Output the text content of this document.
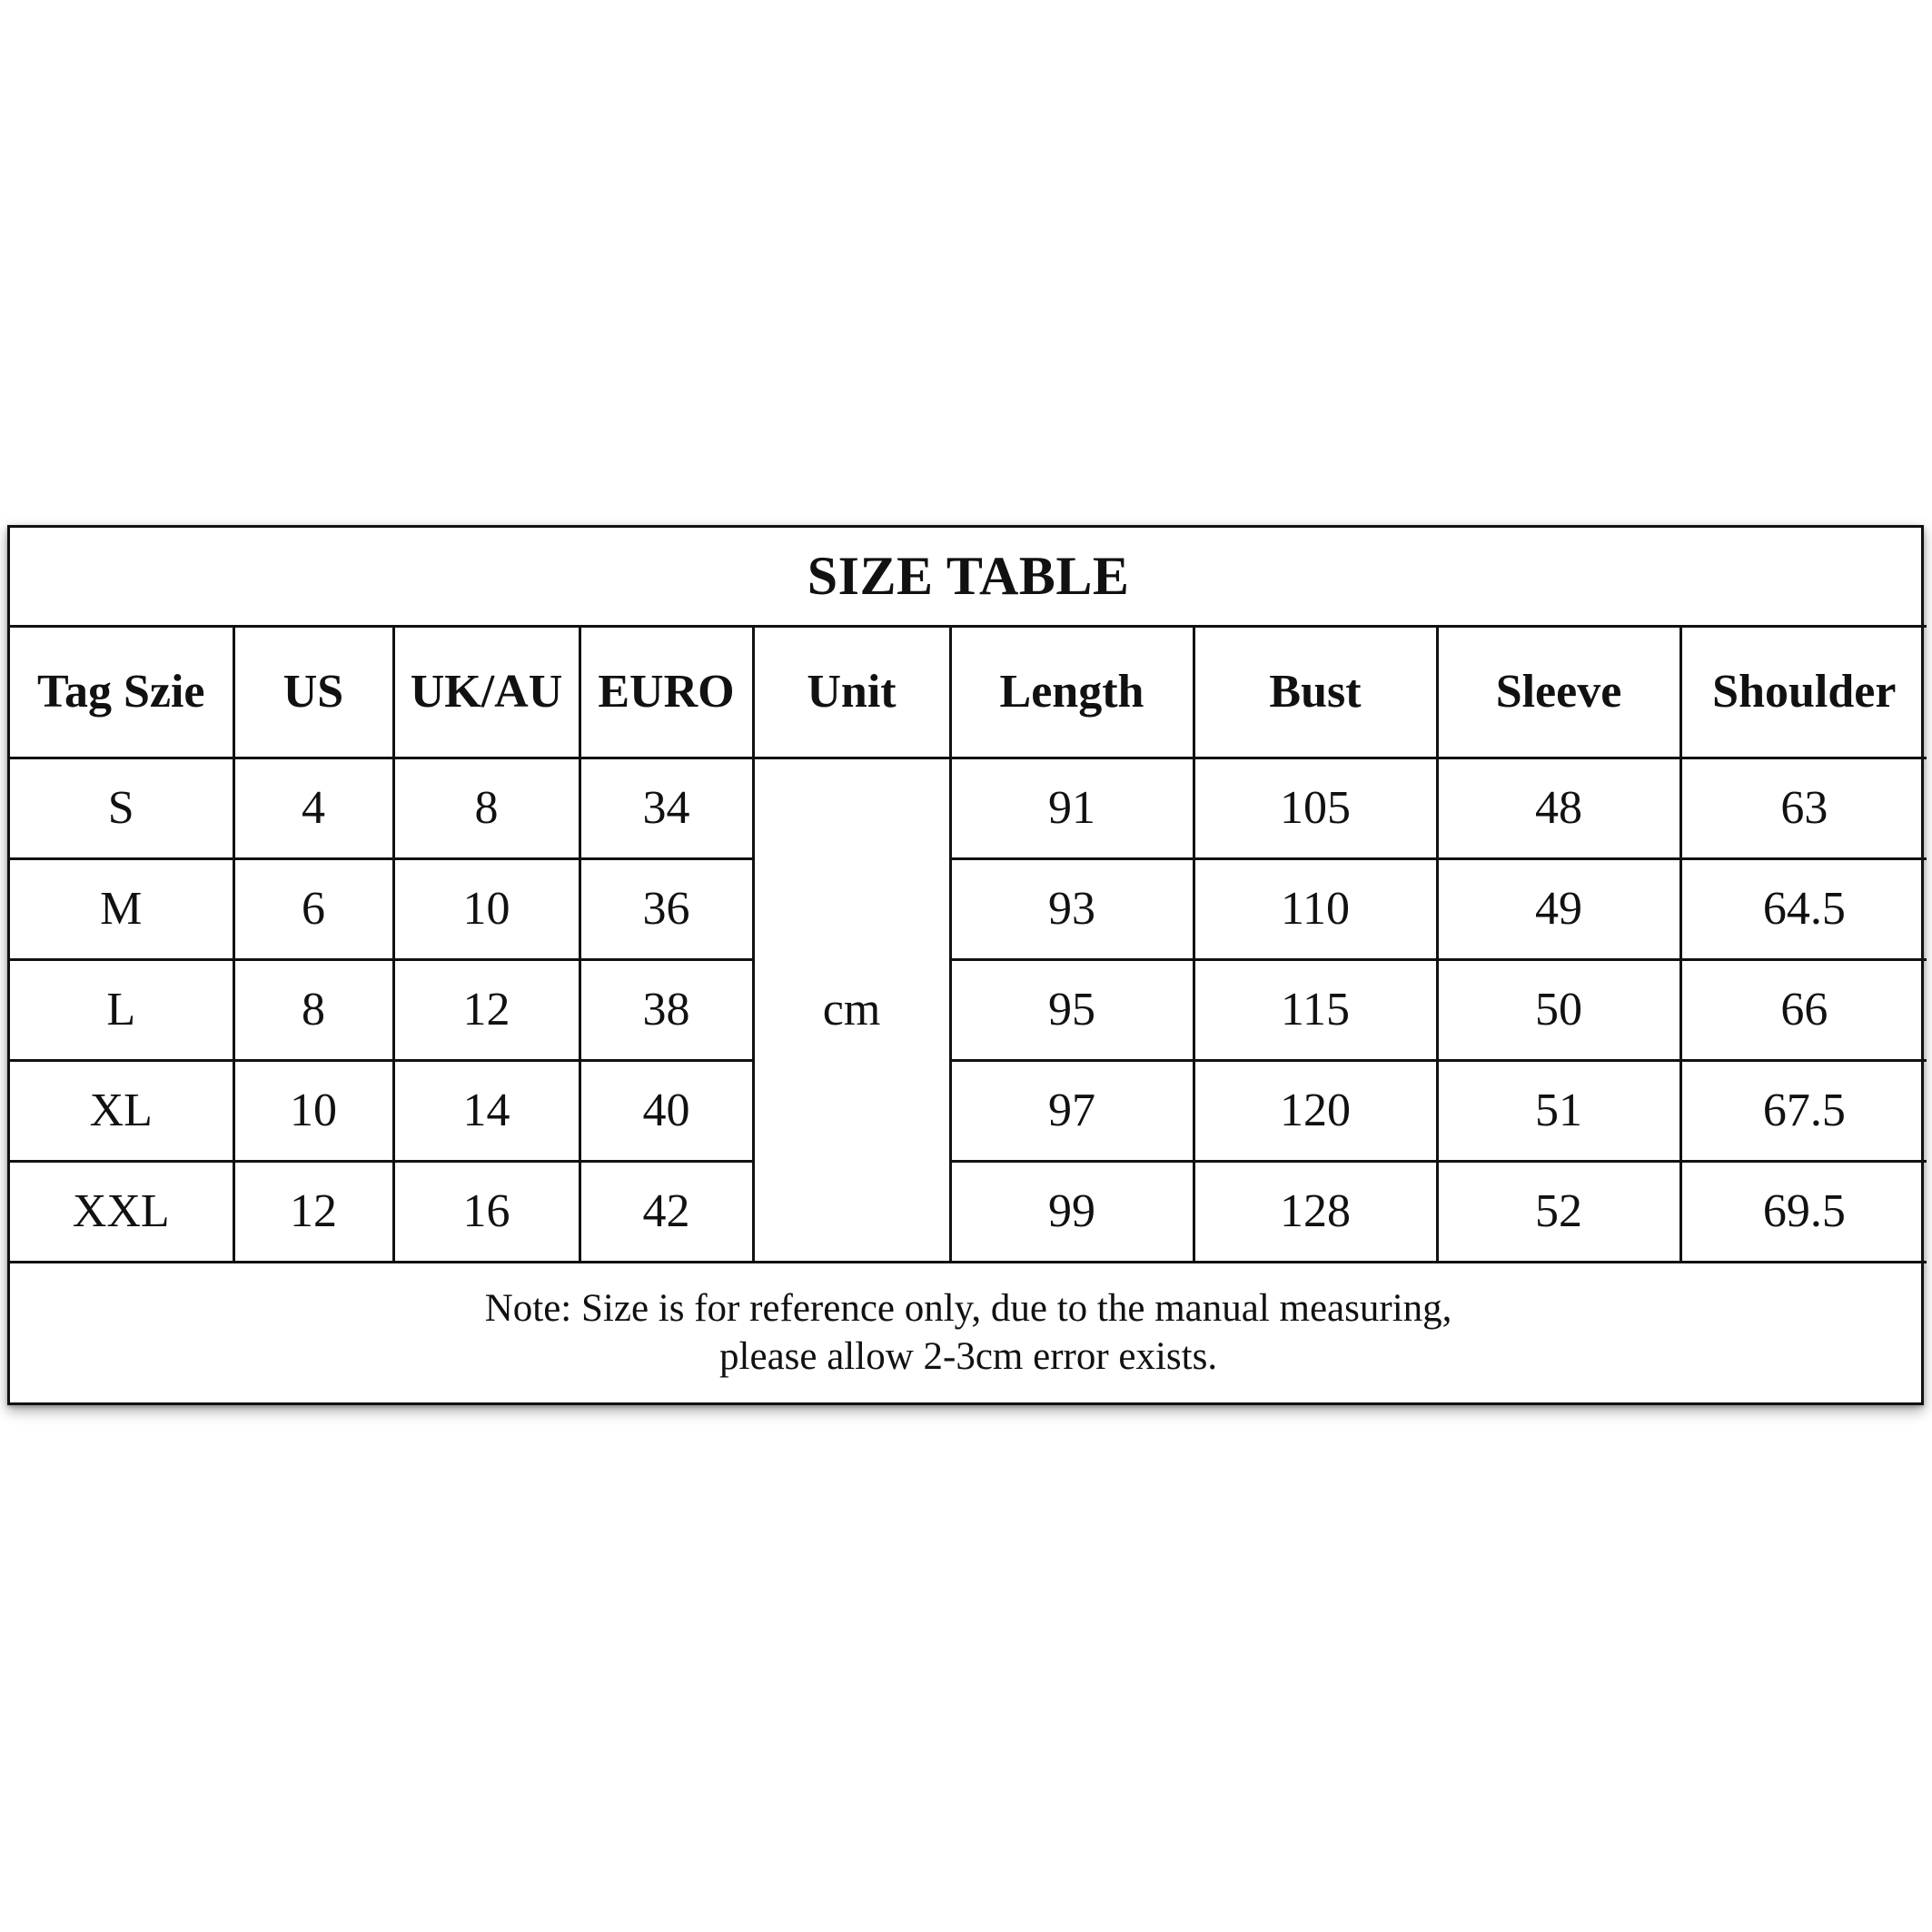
SIZE TABLE								
Tag Szie	US	UK/AU	EURO	Unit	Length	Bust	Sleeve	Shoulder
S	4	8	34	cm	91	105	48	63
M	6	10	36		93	110	49	64.5
L	8	12	38		95	115	50	66
XL	10	14	40		97	120	51	67.5
XXL	12	16	42		99	128	52	69.5

Note: Size is for reference only, due to the manual measuring,
please allow 2-3cm error exists.								
